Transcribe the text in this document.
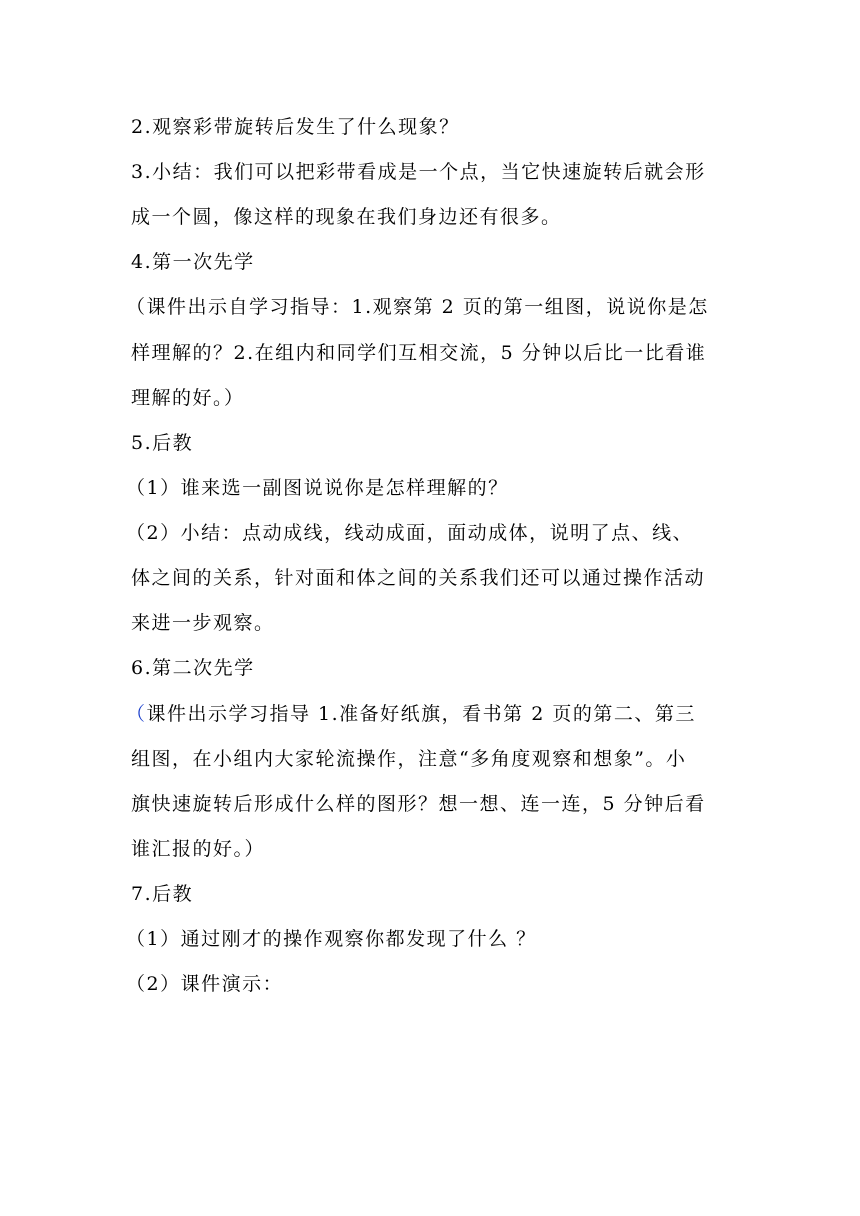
2.观察彩带旋转后发生了什么现象？
3.小结：我们可以把彩带看成是一个点，当它快速旋转后就会形
成一个圆，像这样的现象在我们身边还有很多。
4.第一次先学
（课件出示自学习指导：1.观察第 2 页的第一组图，说说你是怎
样理解的？2.在组内和同学们互相交流，5 分钟以后比一比看谁
理解的好。）
5.后教
（1）谁来选一副图说说你是怎样理解的？
（2）小结：点动成线，线动成面，面动成体，说明了点、线、
体之间的关系，针对面和体之间的关系我们还可以通过操作活动
来进一步观察。
6.第二次先学
（课件出示学习指导 1.准备好纸旗，看书第 2 页的第二、第三
组图，在小组内大家轮流操作，注意“多角度观察和想象”。小
旗快速旋转后形成什么样的图形？想一想、连一连，5 分钟后看
谁汇报的好。）
7.后教
（1）通过刚才的操作观察你都发现了什么 ？
（2）课件演示：
